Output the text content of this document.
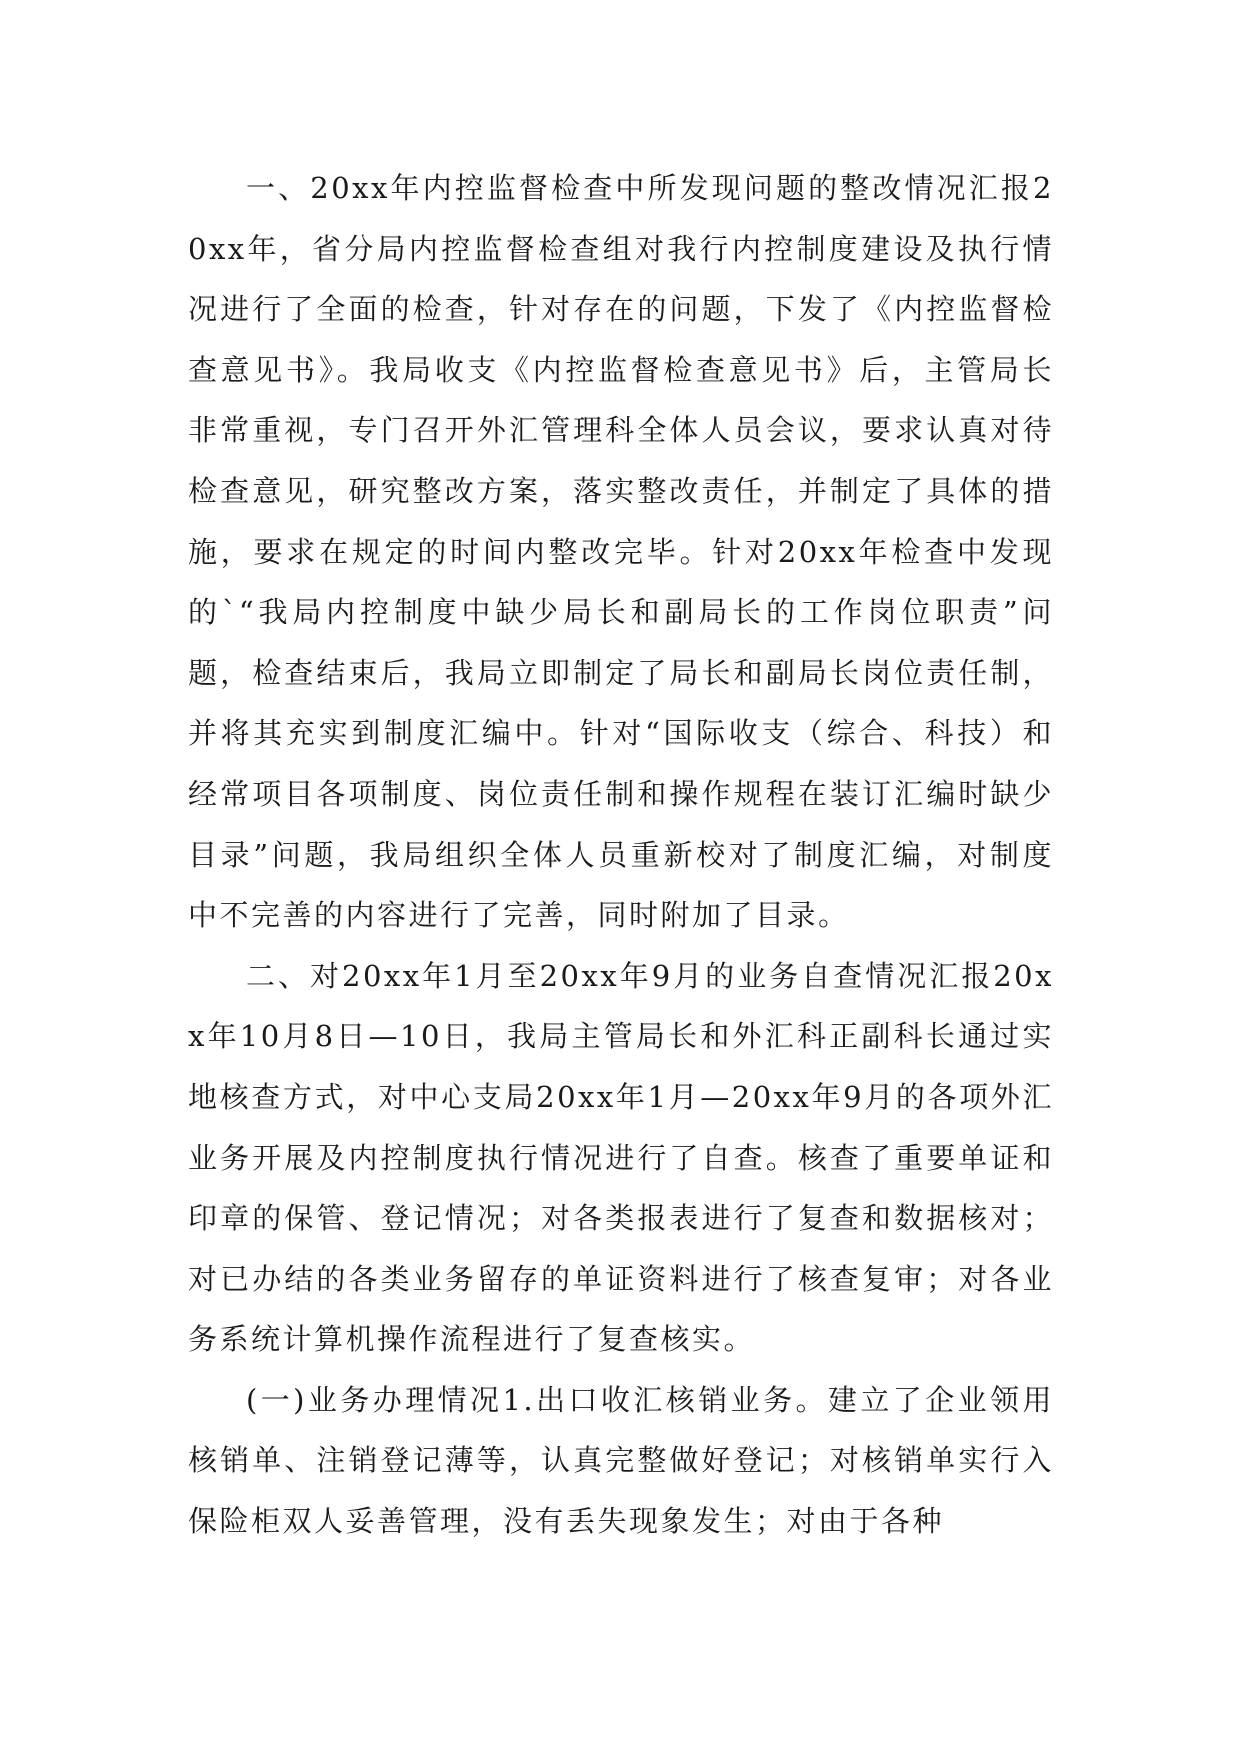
一、20xx年内控监督检查中所发现问题的整改情况汇报20xx年，省分局内控监督检查组对我行内控制度建设及执行情况进行了全面的检查，针对存在的问题，下发了《内控监督检查意见书》。我局收支《内控监督检查意见书》后，主管局长非常重视，专门召开外汇管理科全体人员会议，要求认真对待检查意见，研究整改方案，落实整改责任，并制定了具体的措施，要求在规定的时间内整改完毕。针对20xx年检查中发现的`“我局内控制度中缺少局长和副局长的工作岗位职责”问题，检查结束后，我局立即制定了局长和副局长岗位责任制，并将其充实到制度汇编中。针对“国际收支（综合、科技）和经常项目各项制度、岗位责任制和操作规程在装订汇编时缺少目录”问题，我局组织全体人员重新校对了制度汇编，对制度中不完善的内容进行了完善，同时附加了目录。

二、对20xx年1月至20xx年9月的业务自查情况汇报20xx年10月8日—10日，我局主管局长和外汇科正副科长通过实地核查方式，对中心支局20xx年1月—20xx年9月的各项外汇业务开展及内控制度执行情况进行了自查。核查了重要单证和印章的保管、登记情况；对各类报表进行了复查和数据核对；对已办结的各类业务留存的单证资料进行了核查复审；对各业务系统计算机操作流程进行了复查核实。

(一)业务办理情况1.出口收汇核销业务。建立了企业领用核销单、注销登记薄等，认真完整做好登记；对核销单实行入保险柜双人妥善管理，没有丢失现象发生；对由于各种
